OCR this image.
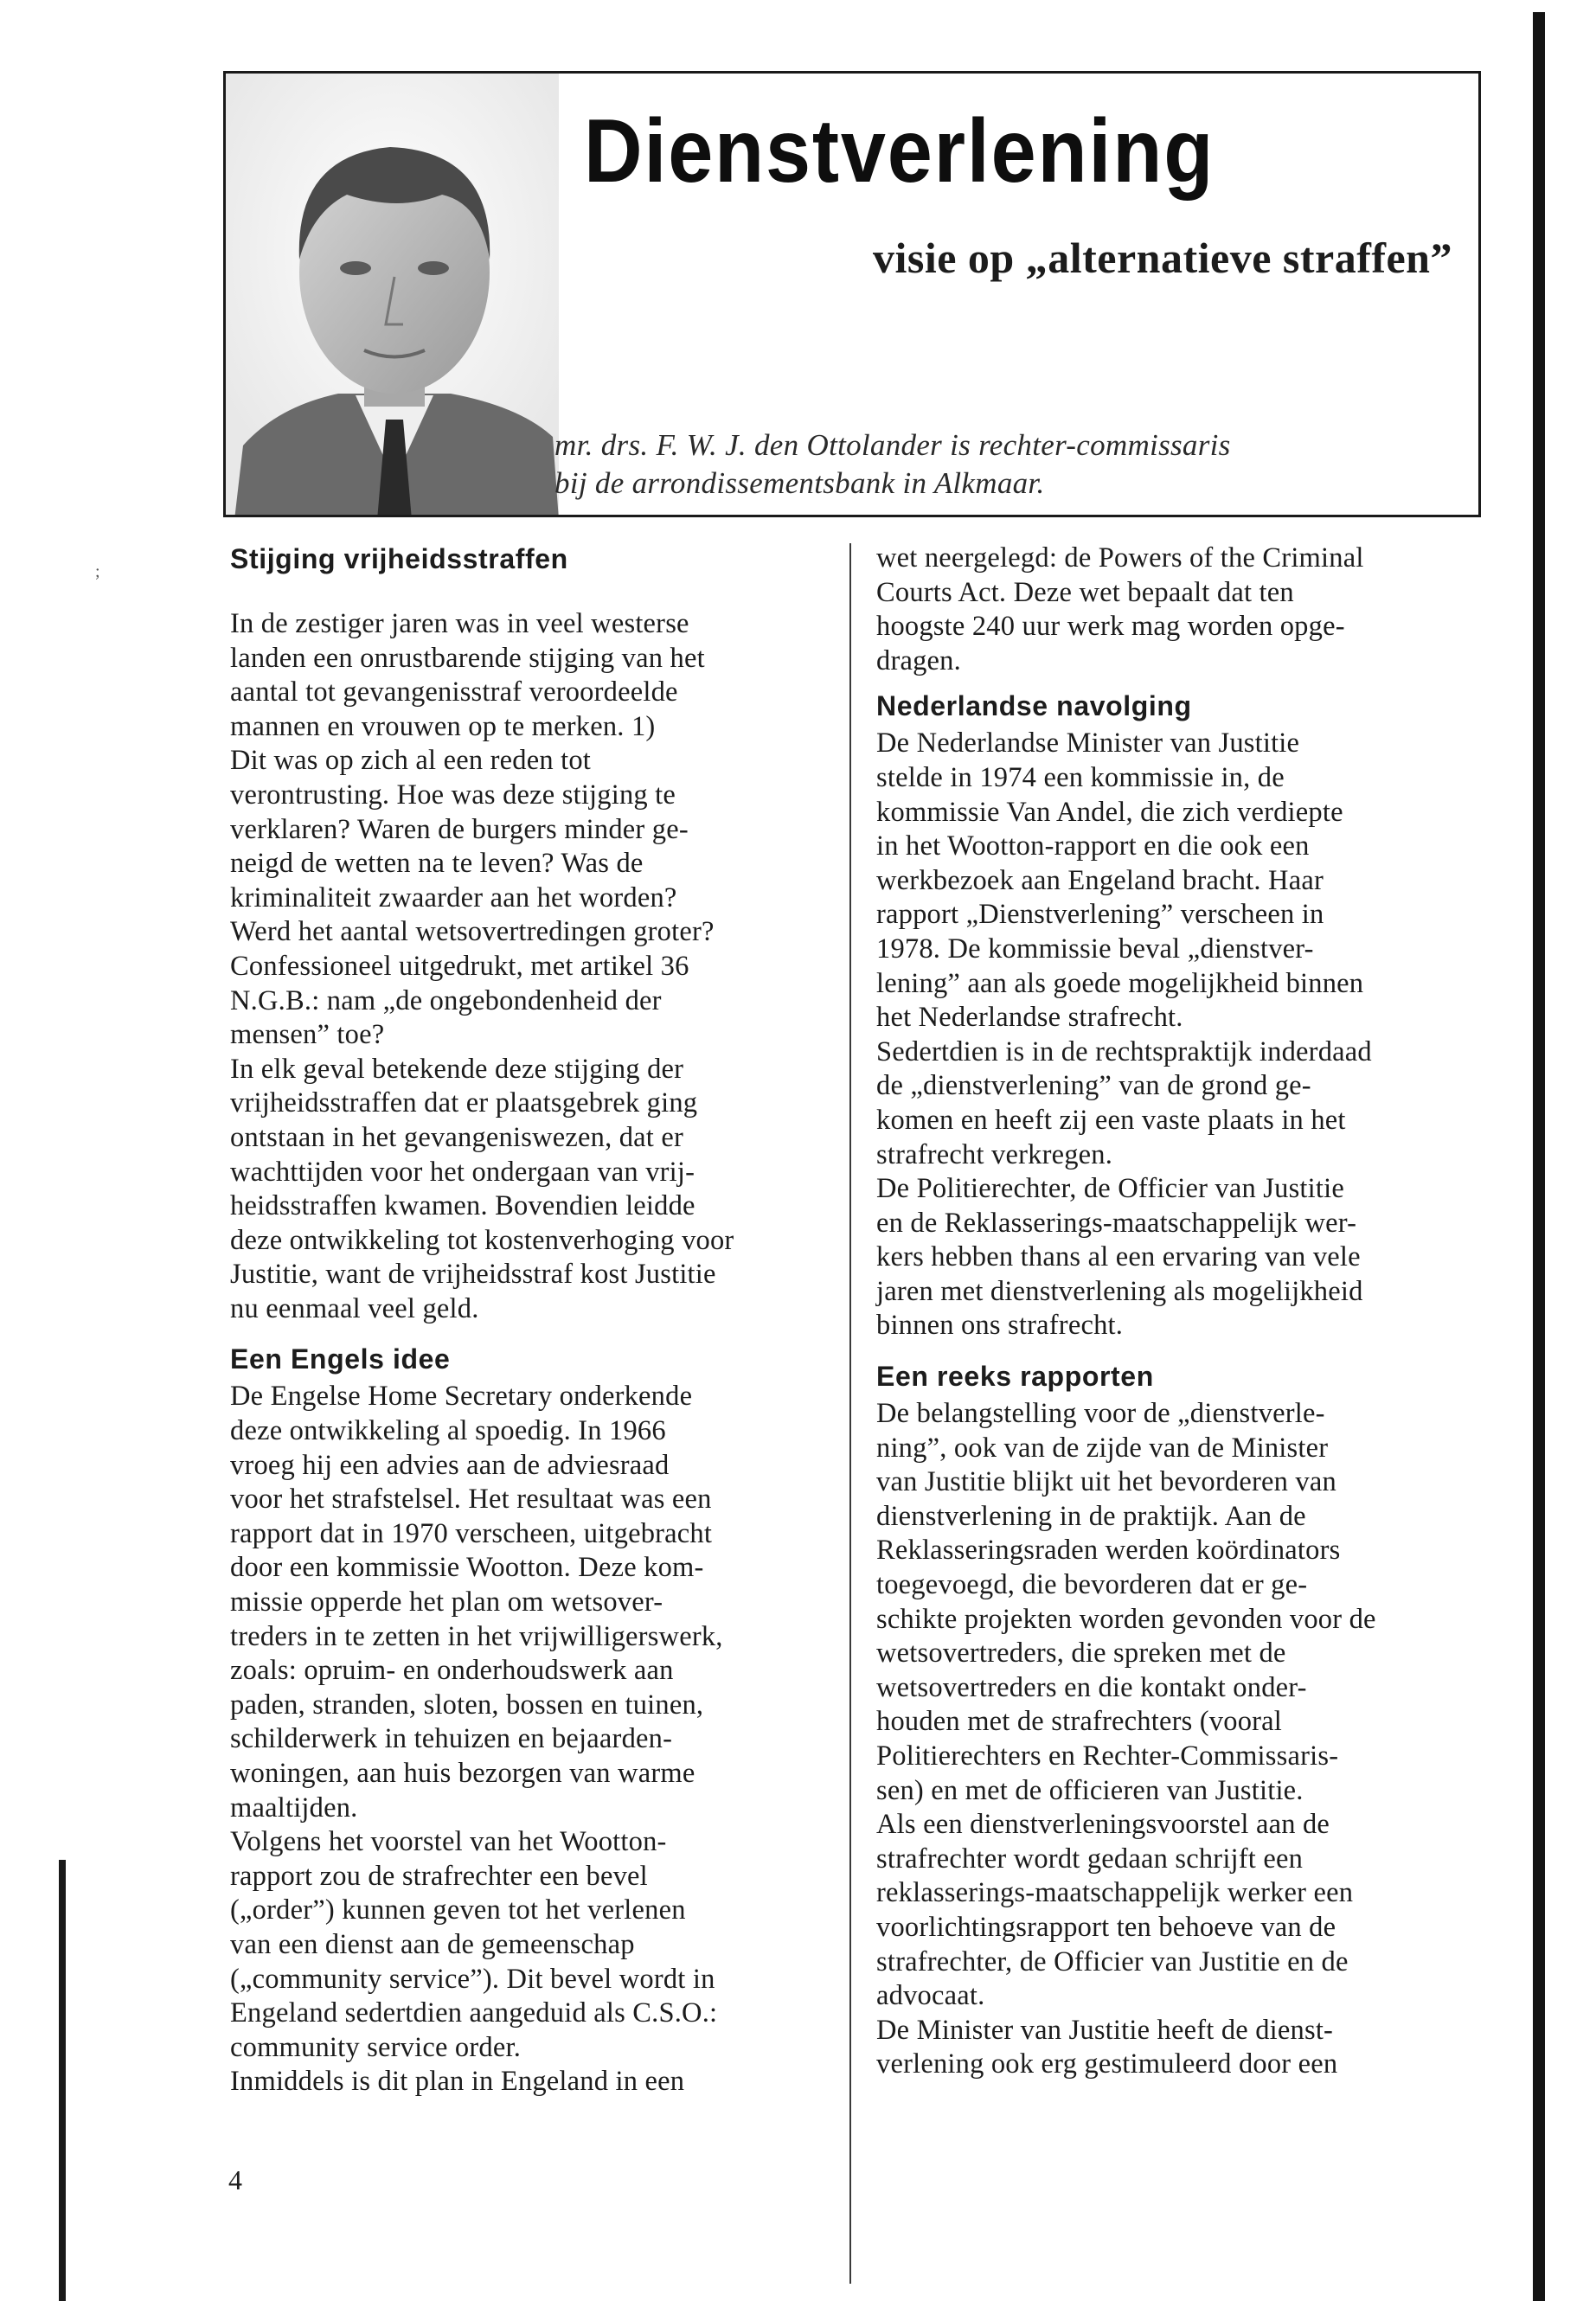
;
Dienstverlening
visie op „alternatieve straffen”
mr. drs. F. W. J. den Ottolander is rechter-commissaris
bij de arrondissementsbank in Alkmaar.
Stijging vrijheidsstraffen
In de zestiger jaren was in veel westerse
landen een onrustbarende stijging van het
aantal tot gevangenisstraf veroordeelde
mannen en vrouwen op te merken. 1)
Dit was op zich al een reden tot
verontrusting. Hoe was deze stijging te
verklaren? Waren de burgers minder ge-
neigd de wetten na te leven? Was de
kriminaliteit zwaarder aan het worden?
Werd het aantal wetsovertredingen groter?
Confessioneel uitgedrukt, met artikel 36
N.G.B.: nam „de ongebondenheid der
mensen” toe?
In elk geval betekende deze stijging der
vrijheidsstraffen dat er plaatsgebrek ging
ontstaan in het gevangeniswezen, dat er
wachttijden voor het ondergaan van vrij-
heidsstraffen kwamen. Bovendien leidde
deze ontwikkeling tot kostenverhoging voor
Justitie, want de vrijheidsstraf kost Justitie
nu eenmaal veel geld.
Een Engels idee
De Engelse Home Secretary onderkende
deze ontwikkeling al spoedig. In 1966
vroeg hij een advies aan de adviesraad
voor het strafstelsel. Het resultaat was een
rapport dat in 1970 verscheen, uitgebracht
door een kommissie Wootton. Deze kom-
missie opperde het plan om wetsover-
treders in te zetten in het vrijwilligerswerk,
zoals: opruim- en onderhoudswerk aan
paden, stranden, sloten, bossen en tuinen,
schilderwerk in tehuizen en bejaarden-
woningen, aan huis bezorgen van warme
maaltijden.
Volgens het voorstel van het Wootton-
rapport zou de strafrechter een bevel
(„order”) kunnen geven tot het verlenen
van een dienst aan de gemeenschap
(„community service”). Dit bevel wordt in
Engeland sedertdien aangeduid als C.S.O.:
community service order.
Inmiddels is dit plan in Engeland in een
wet neergelegd: de Powers of the Criminal
Courts Act. Deze wet bepaalt dat ten
hoogste 240 uur werk mag worden opge-
dragen.
Nederlandse navolging
De Nederlandse Minister van Justitie
stelde in 1974 een kommissie in, de
kommissie Van Andel, die zich verdiepte
in het Wootton-rapport en die ook een
werkbezoek aan Engeland bracht. Haar
rapport „Dienstverlening” verscheen in
1978. De kommissie beval „dienstver-
lening” aan als goede mogelijkheid binnen
het Nederlandse strafrecht.
Sedertdien is in de rechtspraktijk inderdaad
de „dienstverlening” van de grond ge-
komen en heeft zij een vaste plaats in het
strafrecht verkregen.
De Politierechter, de Officier van Justitie
en de Reklasserings-maatschappelijk wer-
kers hebben thans al een ervaring van vele
jaren met dienstverlening als mogelijkheid
binnen ons strafrecht.
Een reeks rapporten
De belangstelling voor de „dienstverle-
ning”, ook van de zijde van de Minister
van Justitie blijkt uit het bevorderen van
dienstverlening in de praktijk. Aan de
Reklasseringsraden werden koördinators
toegevoegd, die bevorderen dat er ge-
schikte projekten worden gevonden voor de
wetsovertreders, die spreken met de
wetsovertreders en die kontakt onder-
houden met de strafrechters (vooral
Politierechters en Rechter-Commissaris-
sen) en met de officieren van Justitie.
Als een dienstverleningsvoorstel aan de
strafrechter wordt gedaan schrijft een
reklasserings-maatschappelijk werker een
voorlichtingsrapport ten behoeve van de
strafrechter, de Officier van Justitie en de
advocaat.
De Minister van Justitie heeft de dienst-
verlening ook erg gestimuleerd door een
4
